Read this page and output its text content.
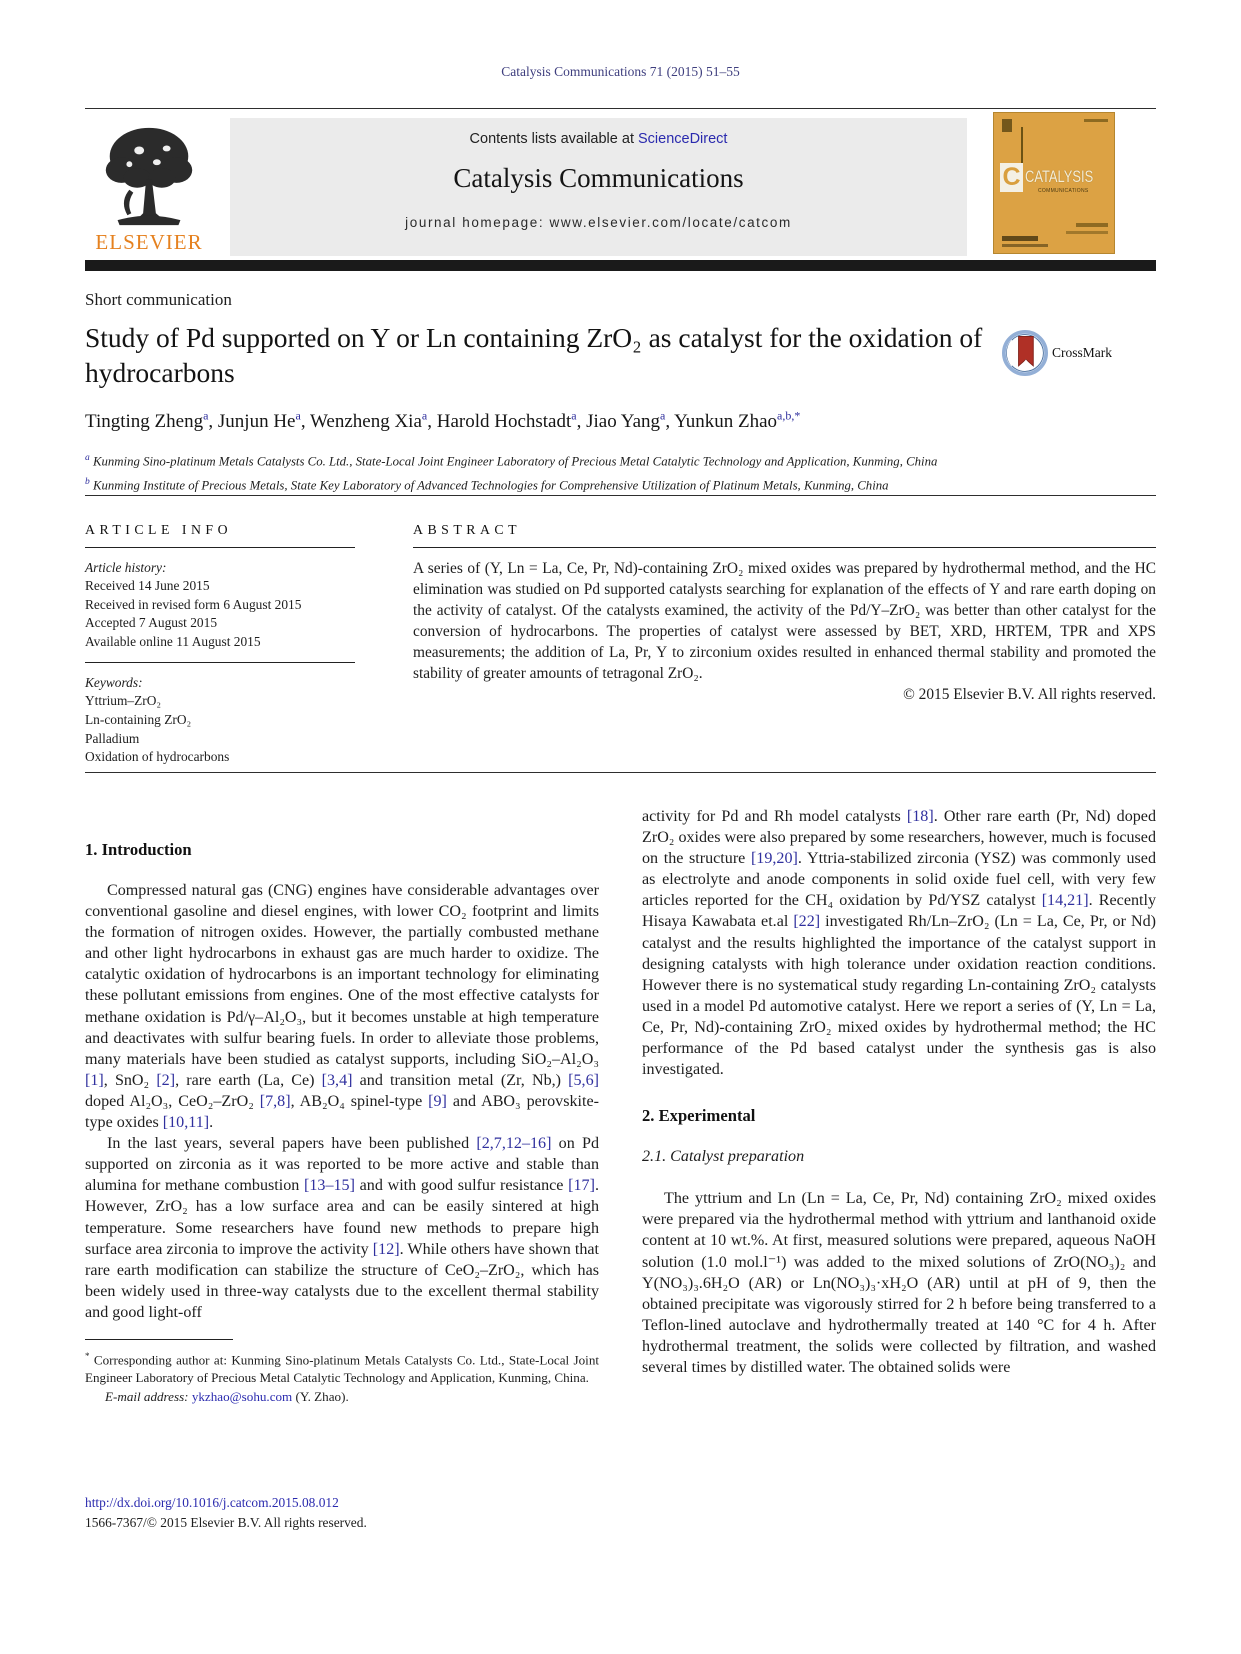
Catalysis Communications 71 (2015) 51–55
ELSEVIER
Contents lists available at ScienceDirect
Catalysis Communications
journal homepage: www.elsevier.com/locate/catcom
C CATALYSIS
COMMUNICATIONS
Short communication
Study of Pd supported on Y or Ln containing ZrO₂ as catalyst for the oxidation of hydrocarbons
CrossMark
Tingting Zheng$^a$, Junjun He$^a$, Wenzheng Xia$^a$, Harold Hochstadt$^a$, Jiao Yang$^a$, Yunkun Zhao$^{a,b,*}$
$^a$ Kunming Sino-platinum Metals Catalysts Co. Ltd., State-Local Joint Engineer Laboratory of Precious Metal Catalytic Technology and Application, Kunming, China
$^b$ Kunming Institute of Precious Metals, State Key Laboratory of Advanced Technologies for Comprehensive Utilization of Platinum Metals, Kunming, China
ARTICLE INFO
Article history:
Received 14 June 2015
Received in revised form 6 August 2015
Accepted 7 August 2015
Available online 11 August 2015
Keywords:
Yttrium–ZrO₂
Ln-containing ZrO₂
Palladium
Oxidation of hydrocarbons
ABSTRACT

A series of (Y, Ln = La, Ce, Pr, Nd)-containing ZrO₂ mixed oxides was prepared by hydrothermal method, and the HC elimination was studied on Pd supported catalysts searching for explanation of the effects of Y and rare earth doping on the activity of catalyst. Of the catalysts examined, the activity of the Pd/Y–ZrO₂ was better than other catalyst for the conversion of hydrocarbons. The properties of catalyst were assessed by BET, XRD, HRTEM, TPR and XPS measurements; the addition of La, Pr, Y to zirconium oxides resulted in enhanced thermal stability and promoted the stability of greater amounts of tetragonal ZrO₂.

© 2015 Elsevier B.V. All rights reserved.
1. Introduction

Compressed natural gas (CNG) engines have considerable advantages over conventional gasoline and diesel engines, with lower CO₂ footprint and limits the formation of nitrogen oxides. However, the partially combusted methane and other light hydrocarbons in exhaust gas are much harder to oxidize. The catalytic oxidation of hydrocarbons is an important technology for eliminating these pollutant emissions from engines. One of the most effective catalysts for methane oxidation is Pd/γ–Al₂O₃, but it becomes unstable at high temperature and deactivates with sulfur bearing fuels. In order to alleviate those problems, many materials have been studied as catalyst supports, including SiO₂–Al₂O₃ [1], SnO₂ [2], rare earth (La, Ce) [3,4] and transition metal (Zr, Nb,) [5,6] doped Al₂O₃, CeO₂–ZrO₂ [7,8], AB₂O₄ spinel-type [9] and ABO₃ perovskite-type oxides [10,11].

In the last years, several papers have been published [2,7,12–16] on Pd supported on zirconia as it was reported to be more active and stable than alumina for methane combustion [13–15] and with good sulfur resistance [17]. However, ZrO₂ has a low surface area and can be easily sintered at high temperature. Some researchers have found new methods to prepare high surface area zirconia to improve the activity [12]. While others have shown that rare earth modification can stabilize the structure of CeO₂–ZrO₂, which has been widely used in three-way catalysts due to the excellent thermal stability and good light-off

* Corresponding author at: Kunming Sino-platinum Metals Catalysts Co. Ltd., State-Local Joint Engineer Laboratory of Precious Metal Catalytic Technology and Application, Kunming, China.

E-mail address: ykzhao@sohu.com (Y. Zhao).

activity for Pd and Rh model catalysts [18]. Other rare earth (Pr, Nd) doped ZrO₂ oxides were also prepared by some researchers, however, much is focused on the structure [19,20]. Yttria-stabilized zirconia (YSZ) was commonly used as electrolyte and anode components in solid oxide fuel cell, with very few articles reported for the CH₄ oxidation by Pd/YSZ catalyst [14,21]. Recently Hisaya Kawabata et.al [22] investigated Rh/Ln–ZrO₂ (Ln = La, Ce, Pr, or Nd) catalyst and the results highlighted the importance of the catalyst support in designing catalysts with high tolerance under oxidation reaction conditions. However there is no systematical study regarding Ln-containing ZrO₂ catalysts used in a model Pd automotive catalyst. Here we report a series of (Y, Ln = La, Ce, Pr, Nd)-containing ZrO₂ mixed oxides by hydrothermal method; the HC performance of the Pd based catalyst under the synthesis gas is also investigated.

2. Experimental
2.1. Catalyst preparation

The yttrium and Ln (Ln = La, Ce, Pr, Nd) containing ZrO₂ mixed oxides were prepared via the hydrothermal method with yttrium and lanthanoid oxide content at 10 wt.%. At first, measured solutions were prepared, aqueous NaOH solution (1.0 mol.l⁻¹) was added to the mixed solutions of ZrO(NO₃)₂ and Y(NO₃)₃.6H₂O (AR) or Ln(NO₃)₃·xH₂O (AR) until at pH of 9, then the obtained precipitate was vigorously stirred for 2 h before being transferred to a Teflon-lined autoclave and hydrothermally treated at 140 °C for 4 h. After hydrothermal treatment, the solids were collected by filtration, and washed several times by distilled water. The obtained solids were

http://dx.doi.org/10.1016/j.catcom.2015.08.012
1566-7367/© 2015 Elsevier B.V. All rights reserved.
